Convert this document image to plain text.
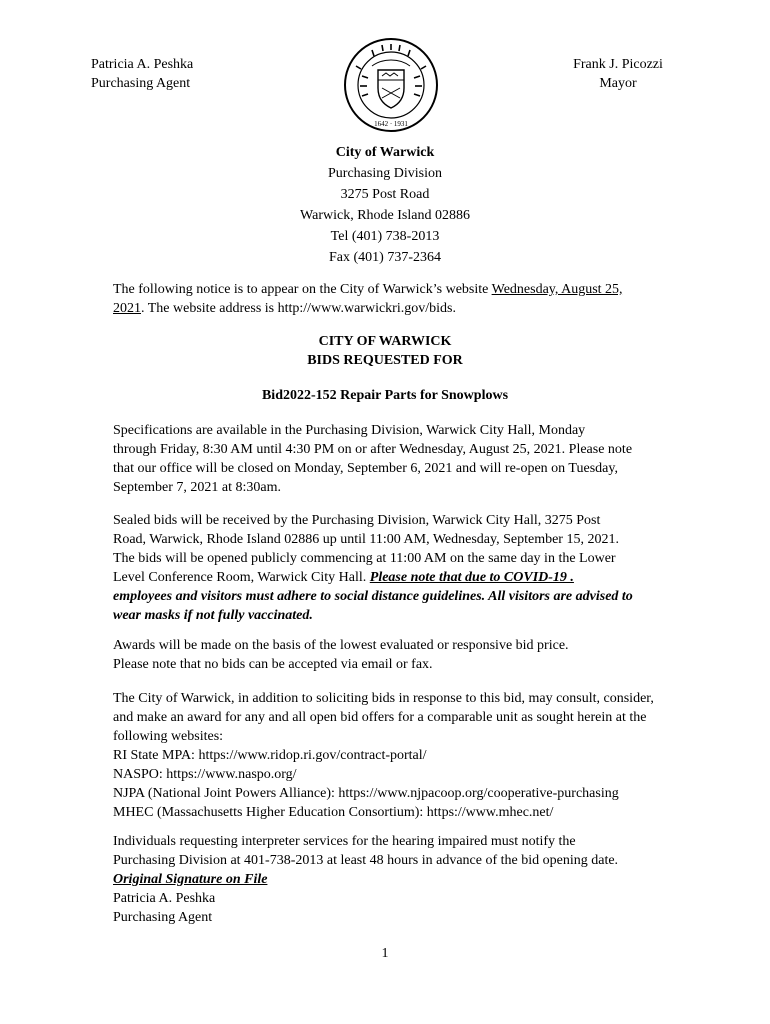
Patricia A. Peshka
Purchasing Agent
1642 · 1931
Frank J. Picozzi
Mayor
City of Warwick
Purchasing Division
3275 Post Road
Warwick, Rhode Island 02886
Tel (401) 738-2013
Fax (401) 737-2364
The following notice is to appear on the City of Warwick’s website Wednesday, August 25,
2021. The website address is http://www.warwickri.gov/bids.
CITY OF WARWICK
BIDS REQUESTED FOR
Bid2022-152 Repair Parts for Snowplows
Specifications are available in the Purchasing Division, Warwick City Hall, Monday
through Friday, 8:30 AM until 4:30 PM on or after Wednesday, August 25, 2021. Please note
that our office will be closed on Monday, September 6, 2021 and will re-open on Tuesday,
September 7, 2021 at 8:30am.
Sealed bids will be received by the Purchasing Division, Warwick City Hall, 3275 Post
Road, Warwick, Rhode Island 02886 up until 11:00 AM, Wednesday, September 15, 2021.
The bids will be opened publicly commencing at 11:00 AM on the same day in the Lower
Level Conference Room, Warwick City Hall. Please note that due to COVID-19 .
employees and visitors must adhere to social distance guidelines. All visitors are advised to
wear masks if not fully vaccinated.
Awards will be made on the basis of the lowest evaluated or responsive bid price.
Please note that no bids can be accepted via email or fax.
The City of Warwick, in addition to soliciting bids in response to this bid, may consult, consider,
and make an award for any and all open bid offers for a comparable unit as sought herein at the
following websites:
RI State MPA: https://www.ridop.ri.gov/contract-portal/
NASPO: https://www.naspo.org/
NJPA (National Joint Powers Alliance): https://www.njpacoop.org/cooperative-purchasing
MHEC (Massachusetts Higher Education Consortium): https://www.mhec.net/
Individuals requesting interpreter services for the hearing impaired must notify the
Purchasing Division at 401-738-2013 at least 48 hours in advance of the bid opening date.
Original Signature on File
Patricia A. Peshka
Purchasing Agent
1
